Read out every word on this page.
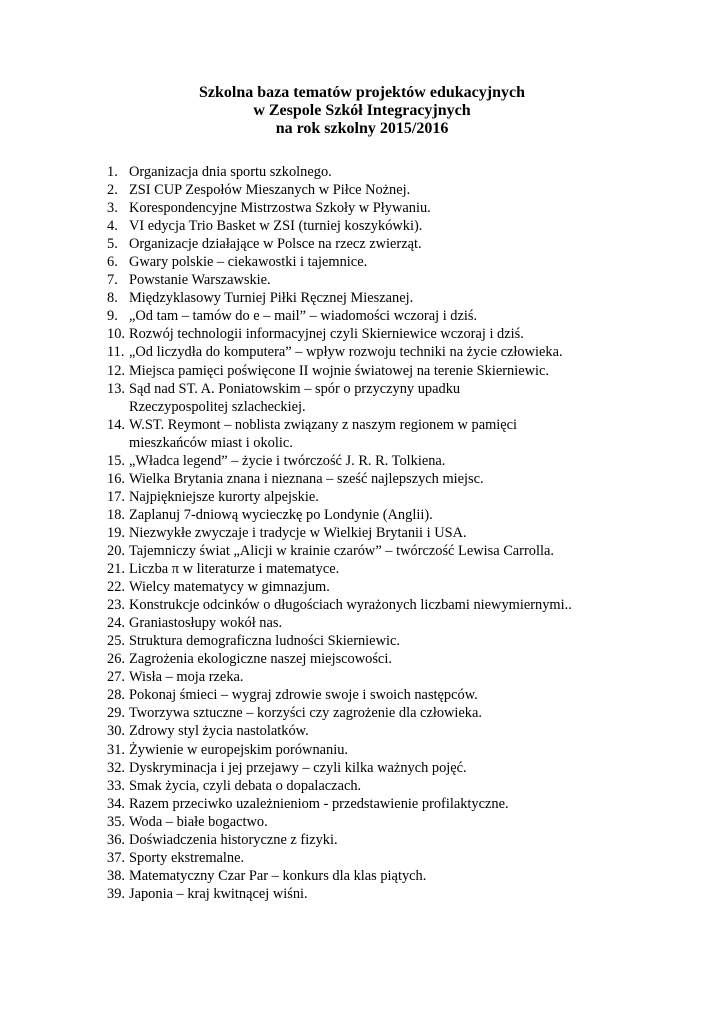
Szkolna baza tematów projektów edukacyjnych
w Zespole Szkół Integracyjnych
na rok szkolny 2015/2016
1. Organizacja dnia sportu szkolnego.
2. ZSI CUP Zespołów Mieszanych w Piłce Nożnej.
3. Korespondencyjne Mistrzostwa Szkoły w Pływaniu.
4. VI edycja Trio Basket w ZSI (turniej koszykówki).
5. Organizacje działające w Polsce na rzecz zwierząt.
6. Gwary polskie – ciekawostki i tajemnice.
7. Powstanie Warszawskie.
8. Międzyklasowy Turniej Piłki Ręcznej Mieszanej.
9. „Od tam – tamów do e – mail” – wiadomości wczoraj i dziś.
10. Rozwój technologii informacyjnej czyli Skierniewice wczoraj i dziś.
11. „Od liczydła do komputera” – wpływ rozwoju techniki na życie człowieka.
12. Miejsca pamięci poświęcone II wojnie światowej na terenie Skierniewic.
13. Sąd nad ST. A. Poniatowskim – spór o przyczyny upadku
Rzeczypospolitej szlacheckiej.
14. W.ST. Reymont – noblista związany z naszym regionem w pamięci
mieszkańców miast i okolic.
15. „Władca legend” – życie i twórczość J. R. R. Tolkiena.
16. Wielka Brytania znana i nieznana – sześć najlepszych miejsc.
17. Najpiękniejsze kurorty alpejskie.
18. Zaplanuj 7-dniową wycieczkę po Londynie (Anglii).
19. Niezwykłe zwyczaje i tradycje w Wielkiej Brytanii i USA.
20. Tajemniczy świat „Alicji w krainie czarów” – twórczość Lewisa Carrolla.
21. Liczba π w literaturze i matematyce.
22. Wielcy matematycy w gimnazjum.
23. Konstrukcje odcinków o długościach wyrażonych liczbami niewymiernymi..
24. Graniastosłupy wokół nas.
25. Struktura demograficzna ludności Skierniewic.
26. Zagrożenia ekologiczne naszej miejscowości.
27. Wisła – moja rzeka.
28. Pokonaj śmieci – wygraj zdrowie swoje i swoich następców.
29. Tworzywa sztuczne – korzyści czy zagrożenie dla człowieka.
30. Zdrowy styl życia nastolatków.
31. Żywienie w europejskim porównaniu.
32. Dyskryminacja i jej przejawy – czyli kilka ważnych pojęć.
33. Smak życia, czyli debata o dopalaczach.
34. Razem przeciwko uzależnieniom - przedstawienie profilaktyczne.
35. Woda – białe bogactwo.
36. Doświadczenia historyczne z fizyki.
37. Sporty ekstremalne.
38. Matematyczny Czar Par – konkurs dla klas piątych.
39. Japonia – kraj kwitnącej wiśni.
